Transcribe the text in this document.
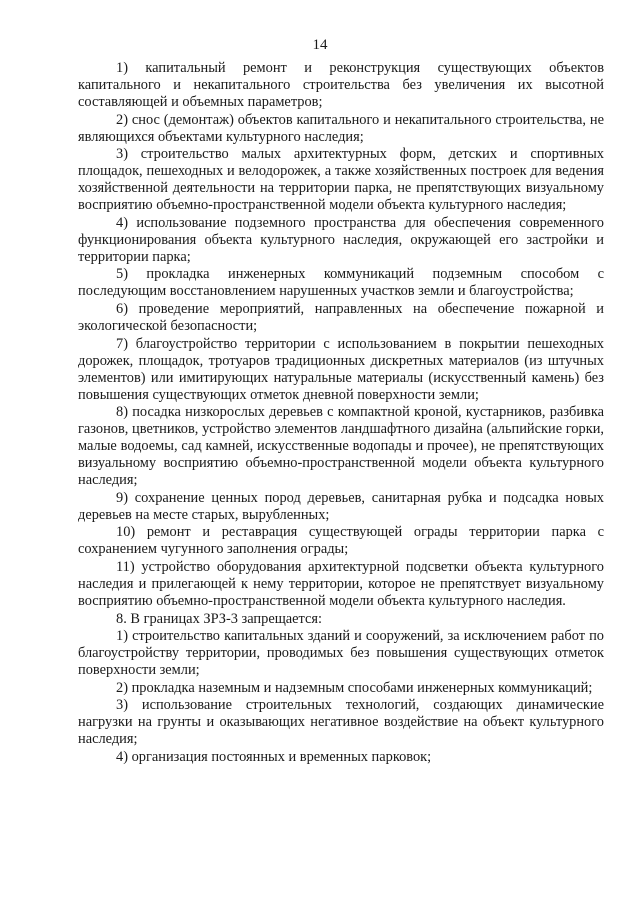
14

1) капитальный ремонт и реконструкция существующих объектов капитального и некапитального строительства без увеличения их высотной составляющей и объемных параметров;

2) снос (демонтаж) объектов капитального и некапитального строительства, не являющихся объектами культурного наследия;

3) строительство малых архитектурных форм, детских и спортивных площадок, пешеходных и велодорожек, а также хозяйственных построек для ведения хозяйственной деятельности на территории парка, не препятствующих визуальному восприятию объемно-пространственной модели объекта культурного наследия;

4) использование подземного пространства для обеспечения современного функционирования объекта культурного наследия, окружающей его застройки и территории парка;

5) прокладка инженерных коммуникаций подземным способом с последующим восстановлением нарушенных участков земли и благоустройства;

6) проведение мероприятий, направленных на обеспечение пожарной и экологической безопасности;

7) благоустройство территории с использованием в покрытии пешеходных дорожек, площадок, тротуаров традиционных дискретных материалов (из штучных элементов) или имитирующих натуральные материалы (искусственный камень) без повышения существующих отметок дневной поверхности земли;

8) посадка низкорослых деревьев с компактной кроной, кустарников, разбивка газонов, цветников, устройство элементов ландшафтного дизайна (альпийские горки, малые водоемы, сад камней, искусственные водопады и прочее), не препятствующих визуальному восприятию объемно-пространственной модели объекта культурного наследия;

9) сохранение ценных пород деревьев, санитарная рубка и подсадка новых деревьев на месте старых, вырубленных;

10) ремонт и реставрация существующей ограды территории парка с сохранением чугунного заполнения ограды;

11) устройство оборудования архитектурной подсветки объекта культурного наследия и прилегающей к нему территории, которое не препятствует визуальному восприятию объемно-пространственной модели объекта культурного наследия.

8. В границах ЗРЗ-3 запрещается:

1) строительство капитальных зданий и сооружений, за исключением работ по благоустройству территории, проводимых без повышения существующих отметок поверхности земли;

2) прокладка наземным и надземным способами инженерных коммуникаций;

3) использование строительных технологий, создающих динамические нагрузки на грунты и оказывающих негативное воздействие на объект культурного наследия;

4) организация постоянных и временных парковок;
